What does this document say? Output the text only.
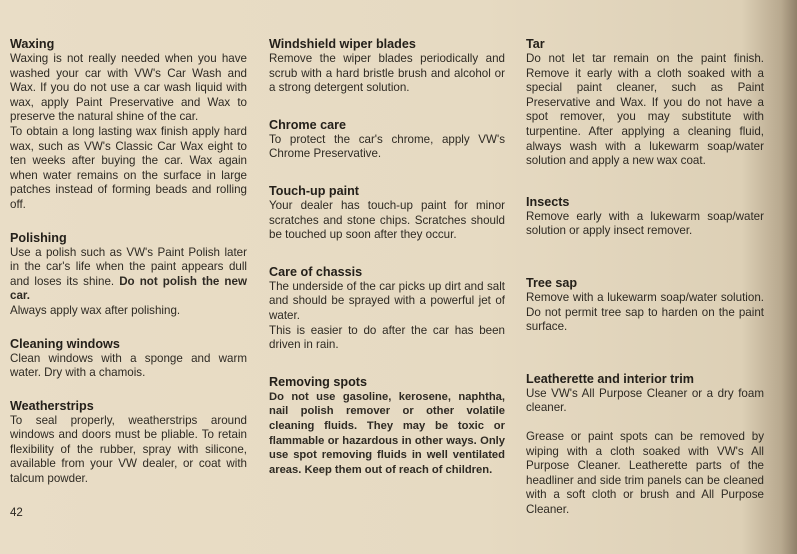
Waxing

Waxing is not really needed when you have washed your car with VW's Car Wash and Wax. If you do not use a car wash liquid with wax, apply Paint Preservative and Wax to preserve the natural shine of the car.

To obtain a long lasting wax finish apply hard wax, such as VW's Classic Car Wax eight to ten weeks after buying the car. Wax again when water remains on the surface in large patches instead of forming beads and rolling off.

Polishing

Use a polish such as VW's Paint Polish later in the car's life when the paint appears dull and loses its shine. Do not polish the new car.

Always apply wax after polishing.

Cleaning windows

Clean windows with a sponge and warm water. Dry with a chamois.

Weatherstrips

To seal properly, weatherstrips around windows and doors must be pliable. To retain flexibility of the rubber, spray with silicone, available from your VW dealer, or coat with talcum powder.

Windshield wiper blades

Remove the wiper blades periodically and scrub with a hard bristle brush and alcohol or a strong detergent solution.

Chrome care

To protect the car's chrome, apply VW's Chrome Preservative.

Touch-up paint

Your dealer has touch-up paint for minor scratches and stone chips. Scratches should be touched up soon after they occur.

Care of chassis

The underside of the car picks up dirt and salt and should be sprayed with a powerful jet of water.

This is easier to do after the car has been driven in rain.

Removing spots

Do not use gasoline, kerosene, naphtha, nail polish remover or other volatile cleaning fluids. They may be toxic or flammable or hazardous in other ways. Only use spot removing fluids in well ventilated areas. Keep them out of reach of children.

Tar

Do not let tar remain on the paint finish. Remove it early with a cloth soaked with a special paint cleaner, such as Paint Preservative and Wax. If you do not have a spot remover, you may substitute with turpentine. After applying a cleaning fluid, always wash with a lukewarm soap/water solution and apply a new wax coat.

Insects

Remove early with a lukewarm soap/water solution or apply insect remover.

Tree sap

Remove with a lukewarm soap/water solution. Do not permit tree sap to harden on the paint surface.

Leatherette and interior trim

Use VW's All Purpose Cleaner or a dry foam cleaner.

Grease or paint spots can be removed by wiping with a cloth soaked with VW's All Purpose Cleaner. Leatherette parts of the headliner and side trim panels can be cleaned with a soft cloth or brush and All Purpose Cleaner.

42
